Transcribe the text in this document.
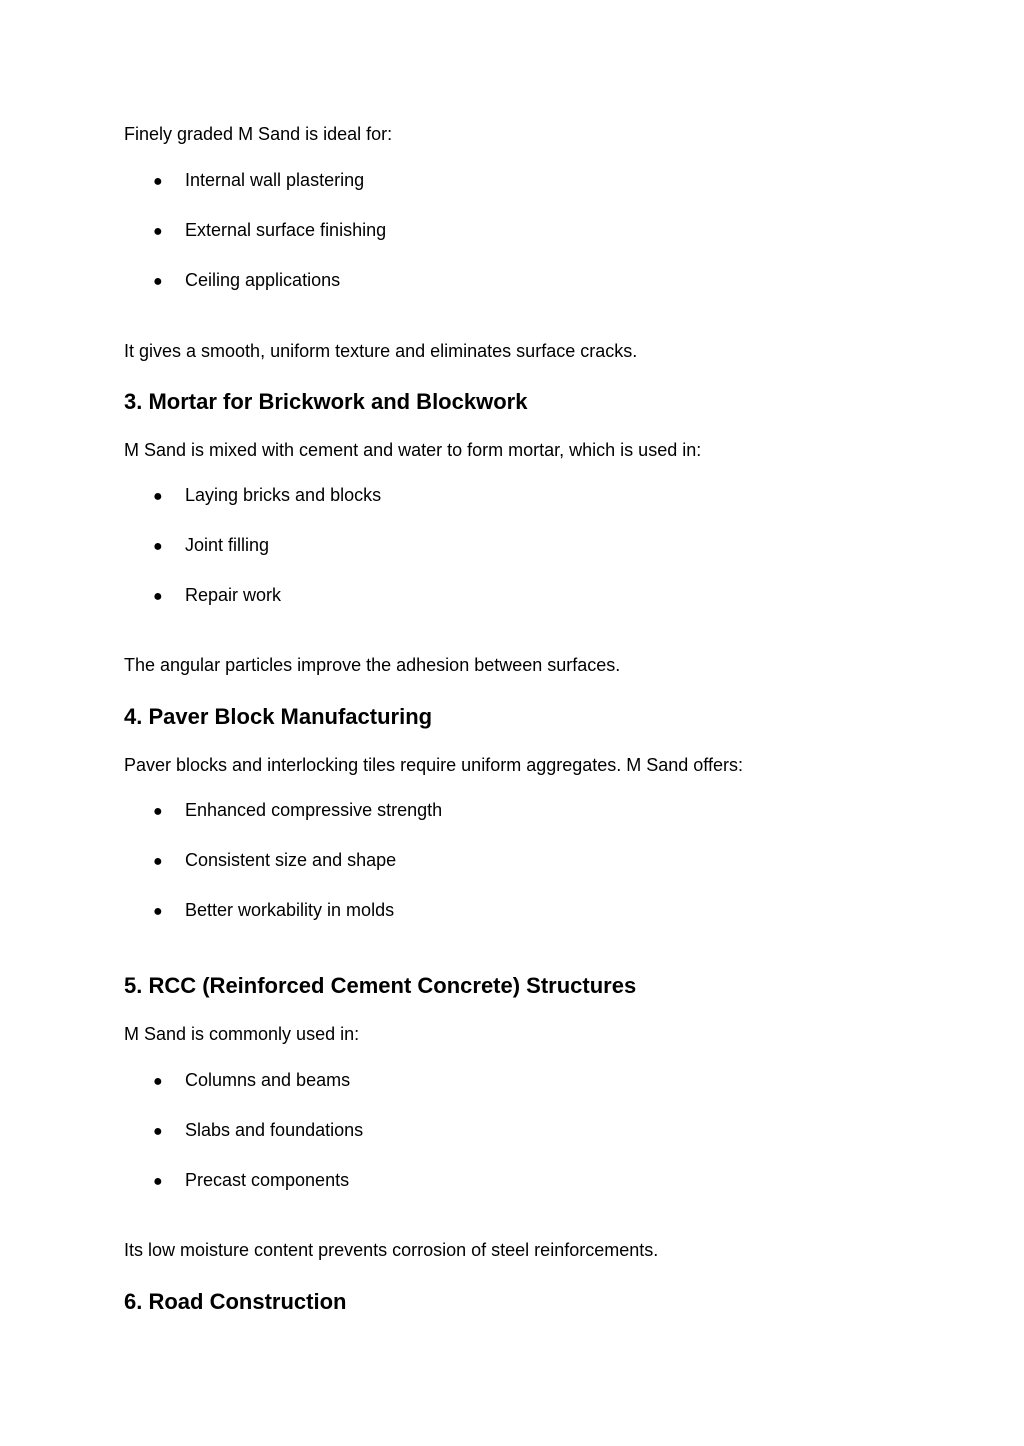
Finely graded M Sand is ideal for:

● Internal wall plastering
● External surface finishing
● Ceiling applications

It gives a smooth, uniform texture and eliminates surface cracks.

3. Mortar for Brickwork and Blockwork

M Sand is mixed with cement and water to form mortar, which is used in:

● Laying bricks and blocks
● Joint filling
● Repair work

The angular particles improve the adhesion between surfaces.

4. Paver Block Manufacturing

Paver blocks and interlocking tiles require uniform aggregates. M Sand offers:

● Enhanced compressive strength
● Consistent size and shape
● Better workability in molds
5. RCC (Reinforced Cement Concrete) Structures

M Sand is commonly used in:

● Columns and beams
● Slabs and foundations
● Precast components

Its low moisture content prevents corrosion of steel reinforcements.

6. Road Construction
